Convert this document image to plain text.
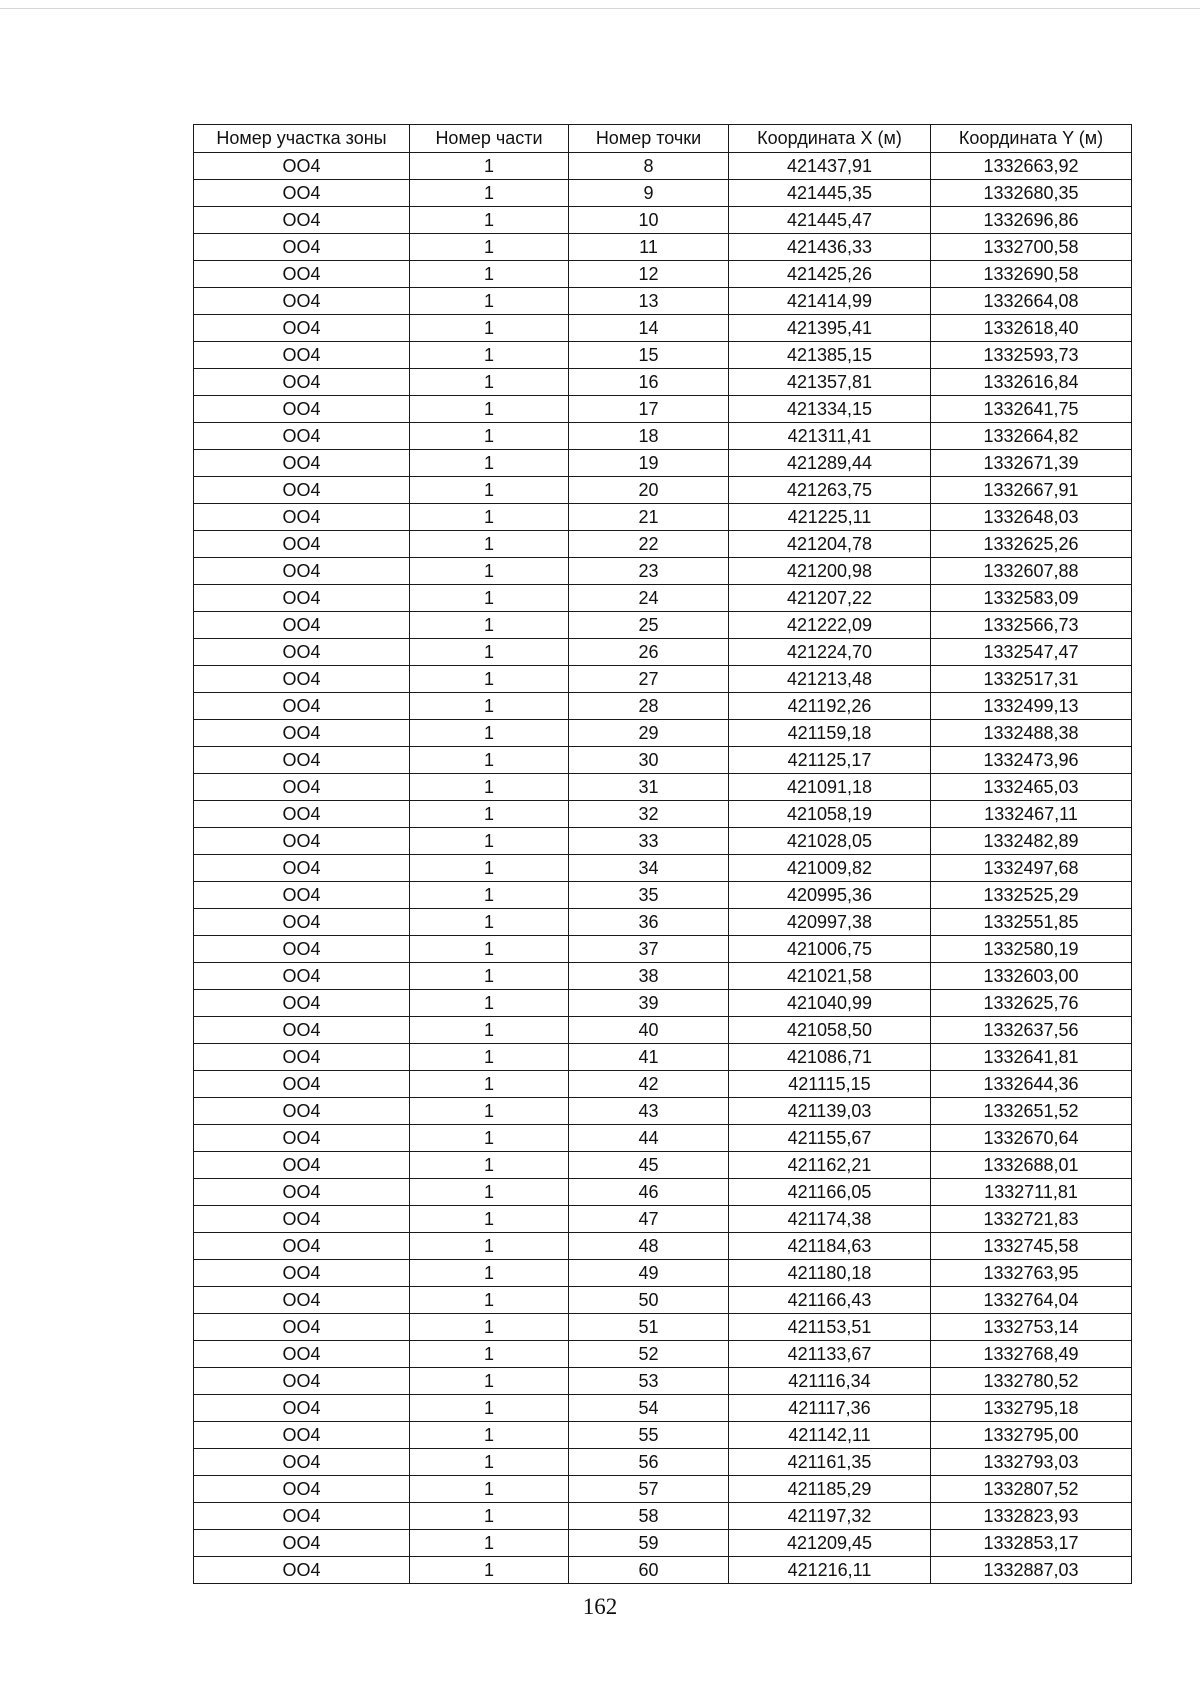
Номер участка зоны	Номер части	Номер точки	Координата X (м)	Координата Y (м)
ОО4	1	8	421437,91	1332663,92
ОО4	1	9	421445,35	1332680,35
ОО4	1	10	421445,47	1332696,86
ОО4	1	11	421436,33	1332700,58
ОО4	1	12	421425,26	1332690,58
ОО4	1	13	421414,99	1332664,08
ОО4	1	14	421395,41	1332618,40
ОО4	1	15	421385,15	1332593,73
ОО4	1	16	421357,81	1332616,84
ОО4	1	17	421334,15	1332641,75
ОО4	1	18	421311,41	1332664,82
ОО4	1	19	421289,44	1332671,39
ОО4	1	20	421263,75	1332667,91
ОО4	1	21	421225,11	1332648,03
ОО4	1	22	421204,78	1332625,26
ОО4	1	23	421200,98	1332607,88
ОО4	1	24	421207,22	1332583,09
ОО4	1	25	421222,09	1332566,73
ОО4	1	26	421224,70	1332547,47
ОО4	1	27	421213,48	1332517,31
ОО4	1	28	421192,26	1332499,13
ОО4	1	29	421159,18	1332488,38
ОО4	1	30	421125,17	1332473,96
ОО4	1	31	421091,18	1332465,03
ОО4	1	32	421058,19	1332467,11
ОО4	1	33	421028,05	1332482,89
ОО4	1	34	421009,82	1332497,68
ОО4	1	35	420995,36	1332525,29
ОО4	1	36	420997,38	1332551,85
ОО4	1	37	421006,75	1332580,19
ОО4	1	38	421021,58	1332603,00
ОО4	1	39	421040,99	1332625,76
ОО4	1	40	421058,50	1332637,56
ОО4	1	41	421086,71	1332641,81
ОО4	1	42	421115,15	1332644,36
ОО4	1	43	421139,03	1332651,52
ОО4	1	44	421155,67	1332670,64
ОО4	1	45	421162,21	1332688,01
ОО4	1	46	421166,05	1332711,81
ОО4	1	47	421174,38	1332721,83
ОО4	1	48	421184,63	1332745,58
ОО4	1	49	421180,18	1332763,95
ОО4	1	50	421166,43	1332764,04
ОО4	1	51	421153,51	1332753,14
ОО4	1	52	421133,67	1332768,49
ОО4	1	53	421116,34	1332780,52
ОО4	1	54	421117,36	1332795,18
ОО4	1	55	421142,11	1332795,00
ОО4	1	56	421161,35	1332793,03
ОО4	1	57	421185,29	1332807,52
ОО4	1	58	421197,32	1332823,93
ОО4	1	59	421209,45	1332853,17
ОО4	1	60	421216,11	1332887,03
162
